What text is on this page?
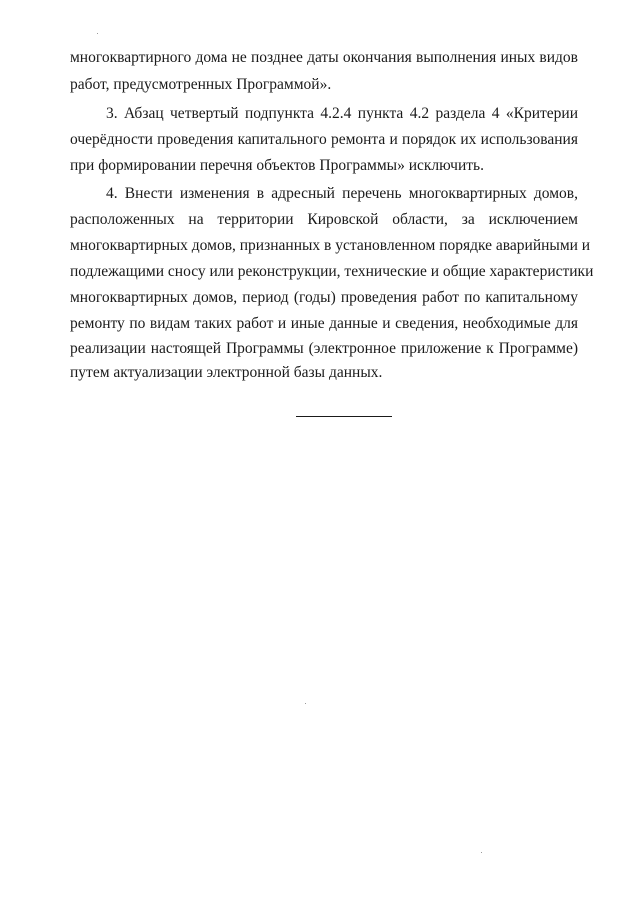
многоквартирного дома не позднее даты окончания выполнения иных видов

работ, предусмотренных Программой».

3. Абзац четвертый подпункта 4.2.4 пункта 4.2 раздела 4 «Критерии

очерёдности проведения капитального ремонта и порядок их использования

при формировании перечня объектов Программы» исключить.

4. Внести изменения в адресный перечень многоквартирных домов,

расположенных на территории Кировской области, за исключением

многоквартирных домов, признанных в установленном порядке аварийными и

подлежащими сносу или реконструкции, технические и общие характеристики

многоквартирных домов, период (годы) проведения работ по капитальному

ремонту по видам таких работ и иные данные и сведения, необходимые для

реализации настоящей Программы (электронное приложение к Программе)

путем актуализации электронной базы данных.
